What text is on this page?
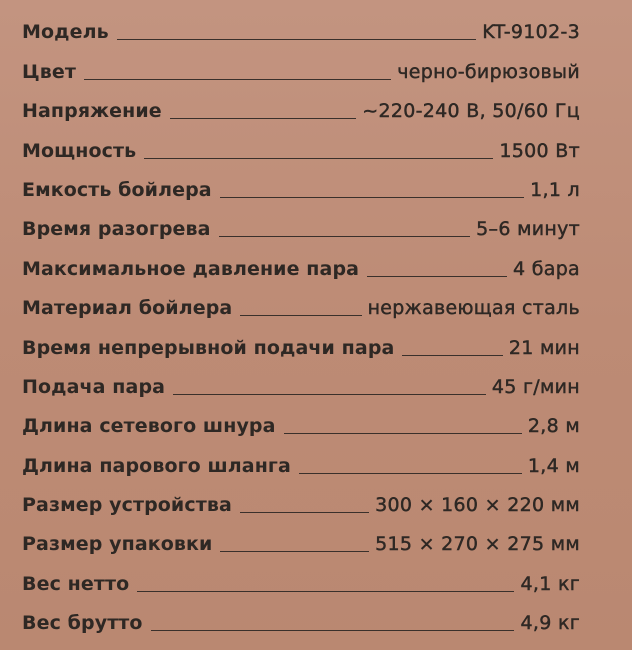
Модель	KT-9102-3
Цвет	черно-бирюзовый
Напряжение	~220-240 В, 50/60 Гц
Мощность	1500 Вт
Емкость бойлера	1,1 л
Время разогрева	5–6 минут
Максимальное давление пара	4 бара
Материал бойлера	нержавеющая сталь
Время непрерывной подачи пара	21 мин
Подача пара	45 г/мин
Длина сетевого шнура	2,8 м
Длина парового шланга	1,4 м
Размер устройства	300 × 160 × 220 мм
Размер упаковки	515 × 270 × 275 мм
Вес нетто	4,1 кг
Вес брутто	4,9 кг
